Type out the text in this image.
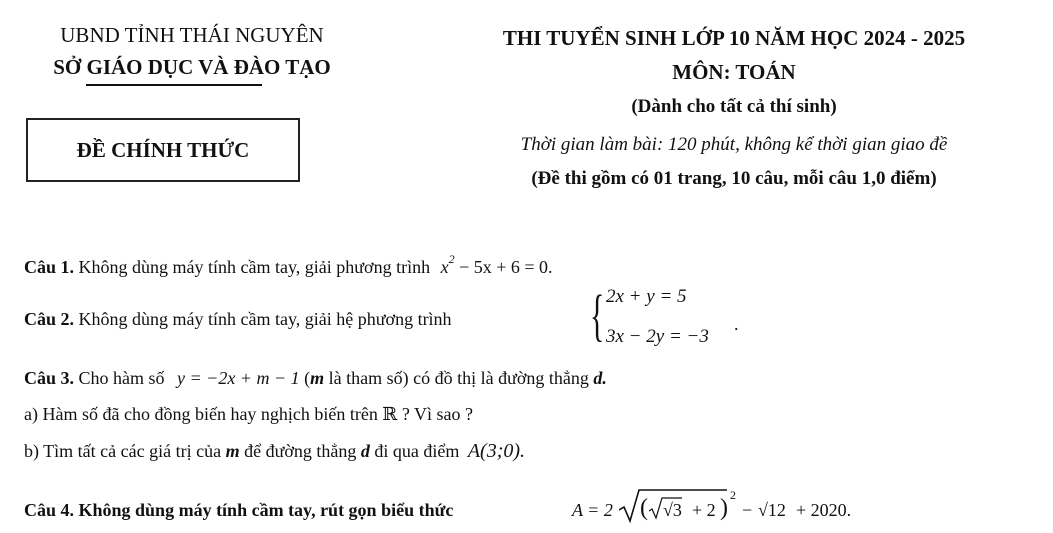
UBND TỈNH THÁI NGUYÊN
SỞ GIÁO DỤC VÀ ĐÀO TẠO
ĐỀ CHÍNH THỨC
THI TUYỂN SINH LỚP 10 NĂM HỌC 2024 - 2025
MÔN: TOÁN
(Dành cho tất cả thí sinh)
Thời gian làm bài: 120 phút, không kể thời gian giao đề
(Đề thi gồm có 01 trang, 10 câu, mỗi câu 1,0 điểm)
Câu 1. Không dùng máy tính cầm tay, giải phương trình $x^2 - 5x + 6 = 0$.
Câu 2. Không dùng máy tính cầm tay, giải hệ phương trình	{ 2x + y = 5
3x − 2y = −3
.
Câu 3. Cho hàm số y = −2x + m − 1 (m là tham số) có đồ thị là đường thẳng d.
a) Hàm số đã cho đồng biến hay nghịch biến trên ℝ ? Vì sao ?
b) Tìm tất cả các giá trị của m để đường thẳng d đi qua điểm A(3;0).
Câu 4. Không dùng máy tính cầm tay, rút gọn biểu thức	A = 2 ( √3 + 2 ) 2
− √12 + 2020.
